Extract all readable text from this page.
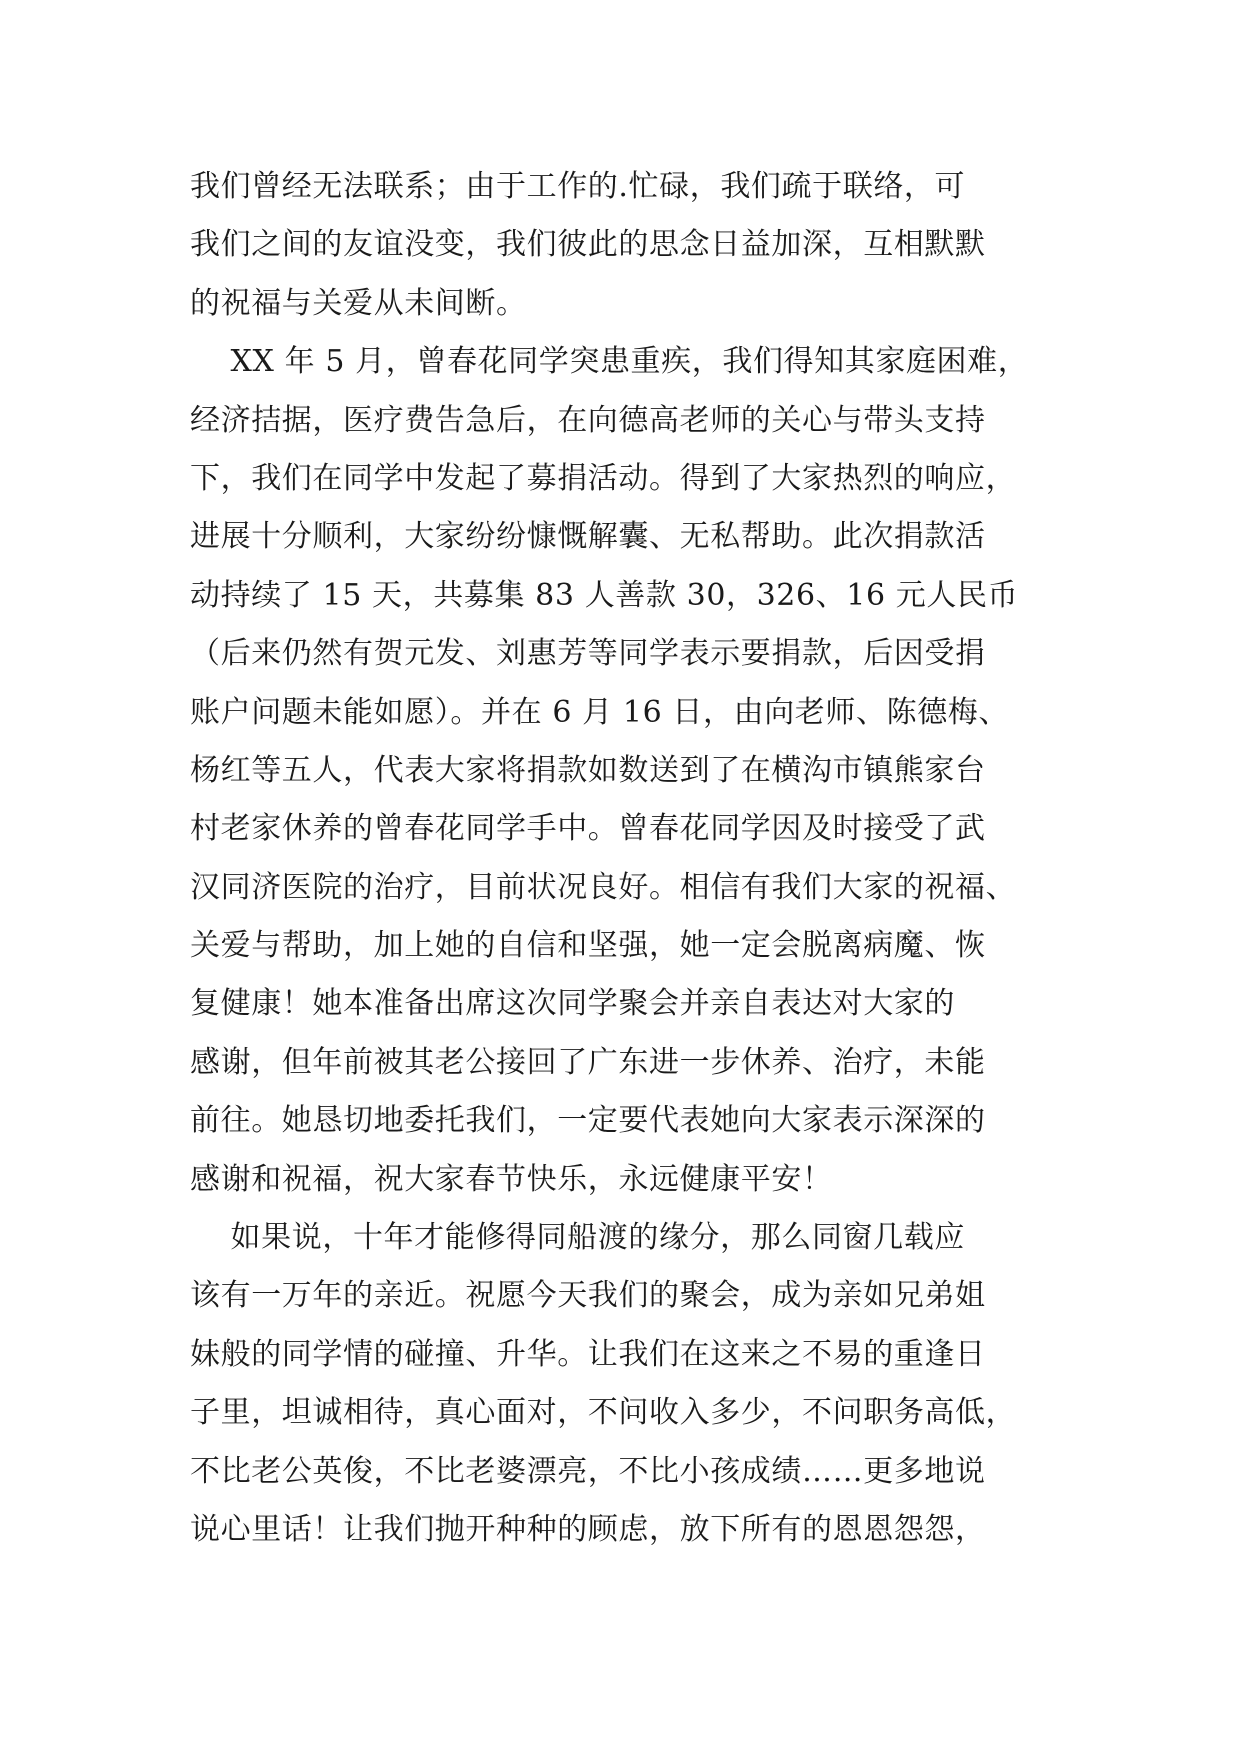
我们曾经无法联系；由于工作的.忙碌，我们疏于联络，可
我们之间的友谊没变，我们彼此的思念日益加深，互相默默
的祝福与关爱从未间断。
XX 年 5 月，曾春花同学突患重疾，我们得知其家庭困难，
经济拮据，医疗费告急后，在向德高老师的关心与带头支持
下，我们在同学中发起了募捐活动。得到了大家热烈的响应，
进展十分顺利，大家纷纷慷慨解囊、无私帮助。此次捐款活
动持续了 15 天，共募集 83 人善款 30，326、16 元人民币
（后来仍然有贺元发、刘惠芳等同学表示要捐款，后因受捐
账户问题未能如愿）。并在 6 月 16 日，由向老师、陈德梅、
杨红等五人，代表大家将捐款如数送到了在横沟市镇熊家台
村老家休养的曾春花同学手中。曾春花同学因及时接受了武
汉同济医院的治疗，目前状况良好。相信有我们大家的祝福、
关爱与帮助，加上她的自信和坚强，她一定会脱离病魔、恢
复健康！她本准备出席这次同学聚会并亲自表达对大家的
感谢，但年前被其老公接回了广东进一步休养、治疗，未能
前往。她恳切地委托我们，一定要代表她向大家表示深深的
感谢和祝福，祝大家春节快乐，永远健康平安！
如果说，十年才能修得同船渡的缘分，那么同窗几载应
该有一万年的亲近。祝愿今天我们的聚会，成为亲如兄弟姐
妹般的同学情的碰撞、升华。让我们在这来之不易的重逢日
子里，坦诚相待，真心面对，不问收入多少，不问职务高低，
不比老公英俊，不比老婆漂亮，不比小孩成绩……更多地说
说心里话！让我们抛开种种的顾虑，放下所有的恩恩怨怨，
